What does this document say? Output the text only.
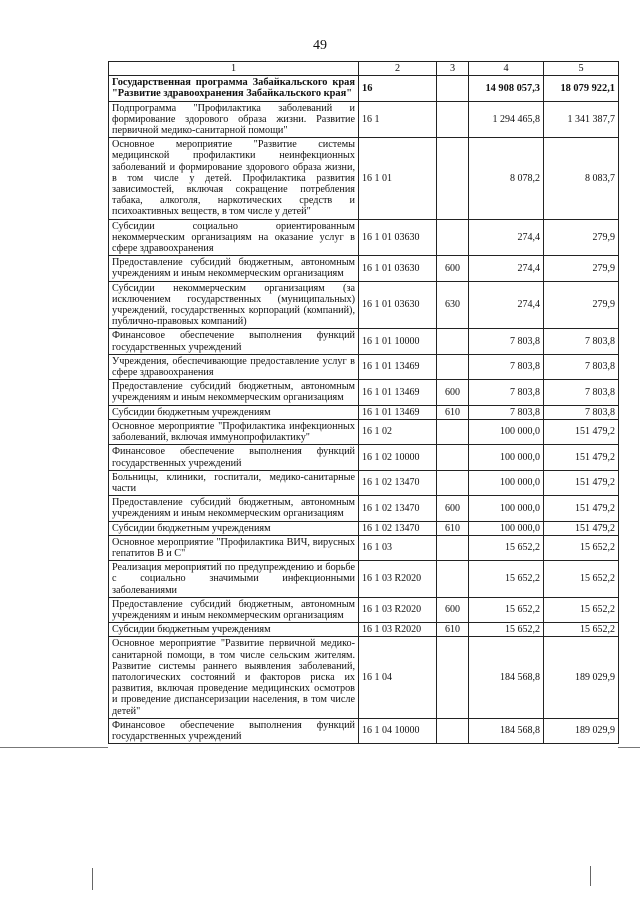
49
1	2	3	4	5
Государственная программа Забайкальского края "Развитие здравоохранения Забайкальского края"	16		14 908 057,3	18 079 922,1
Подпрограмма "Профилактика заболеваний и формирование здорового образа жизни. Развитие первичной медико-санитарной помощи"	16 1		1 294 465,8	1 341 387,7
Основное мероприятие "Развитие системы медицинской профилактики неинфекционных заболеваний и формирование здорового образа жизни, в том числе у детей. Профилактика развития зависимостей, включая сокращение потребления табака, алкоголя, наркотических средств и психоактивных веществ, в том числе у детей"	16 1 01		8 078,2	8 083,7
Субсидии социально ориентированным некоммерческим организациям на оказание услуг в сфере здравоохранения	16 1 01 03630		274,4	279,9
Предоставление субсидий бюджетным, автономным учреждениям и иным некоммерческим организациям	16 1 01 03630	600	274,4	279,9
Субсидии некоммерческим организациям (за исключением государственных (муниципальных) учреждений, государственных корпораций (компаний), публично-правовых компаний)	16 1 01 03630	630	274,4	279,9
Финансовое обеспечение выполнения функций государственных учреждений	16 1 01 10000		7 803,8	7 803,8
Учреждения, обеспечивающие предоставление услуг в сфере здравоохранения	16 1 01 13469		7 803,8	7 803,8
Предоставление субсидий бюджетным, автономным учреждениям и иным некоммерческим организациям	16 1 01 13469	600	7 803,8	7 803,8
Субсидии бюджетным учреждениям	16 1 01 13469	610	7 803,8	7 803,8
Основное мероприятие "Профилактика инфекционных заболеваний, включая иммунопрофилактику"	16 1 02		100 000,0	151 479,2
Финансовое обеспечение выполнения функций государственных учреждений	16 1 02 10000		100 000,0	151 479,2
Больницы, клиники, госпитали, медико-санитарные части	16 1 02 13470		100 000,0	151 479,2
Предоставление субсидий бюджетным, автономным учреждениям и иным некоммерческим организациям	16 1 02 13470	600	100 000,0	151 479,2
Субсидии бюджетным учреждениям	16 1 02 13470	610	100 000,0	151 479,2
Основное мероприятие "Профилактика ВИЧ, вирусных гепатитов В и С"	16 1 03		15 652,2	15 652,2
Реализация мероприятий по предупреждению и борьбе с социально значимыми инфекционными заболеваниями	16 1 03 R2020		15 652,2	15 652,2
Предоставление субсидий бюджетным, автономным учреждениям и иным некоммерческим организациям	16 1 03 R2020	600	15 652,2	15 652,2
Субсидии бюджетным учреждениям	16 1 03 R2020	610	15 652,2	15 652,2
Основное мероприятие "Развитие первичной медико-санитарной помощи, в том числе сельским жителям. Развитие системы раннего выявления заболеваний, патологических состояний и факторов риска их развития, включая проведение медицинских осмотров и проведение диспансеризации населения, в том числе детей"	16 1 04		184 568,8	189 029,9
Финансовое обеспечение выполнения функций государственных учреждений	16 1 04 10000		184 568,8	189 029,9
